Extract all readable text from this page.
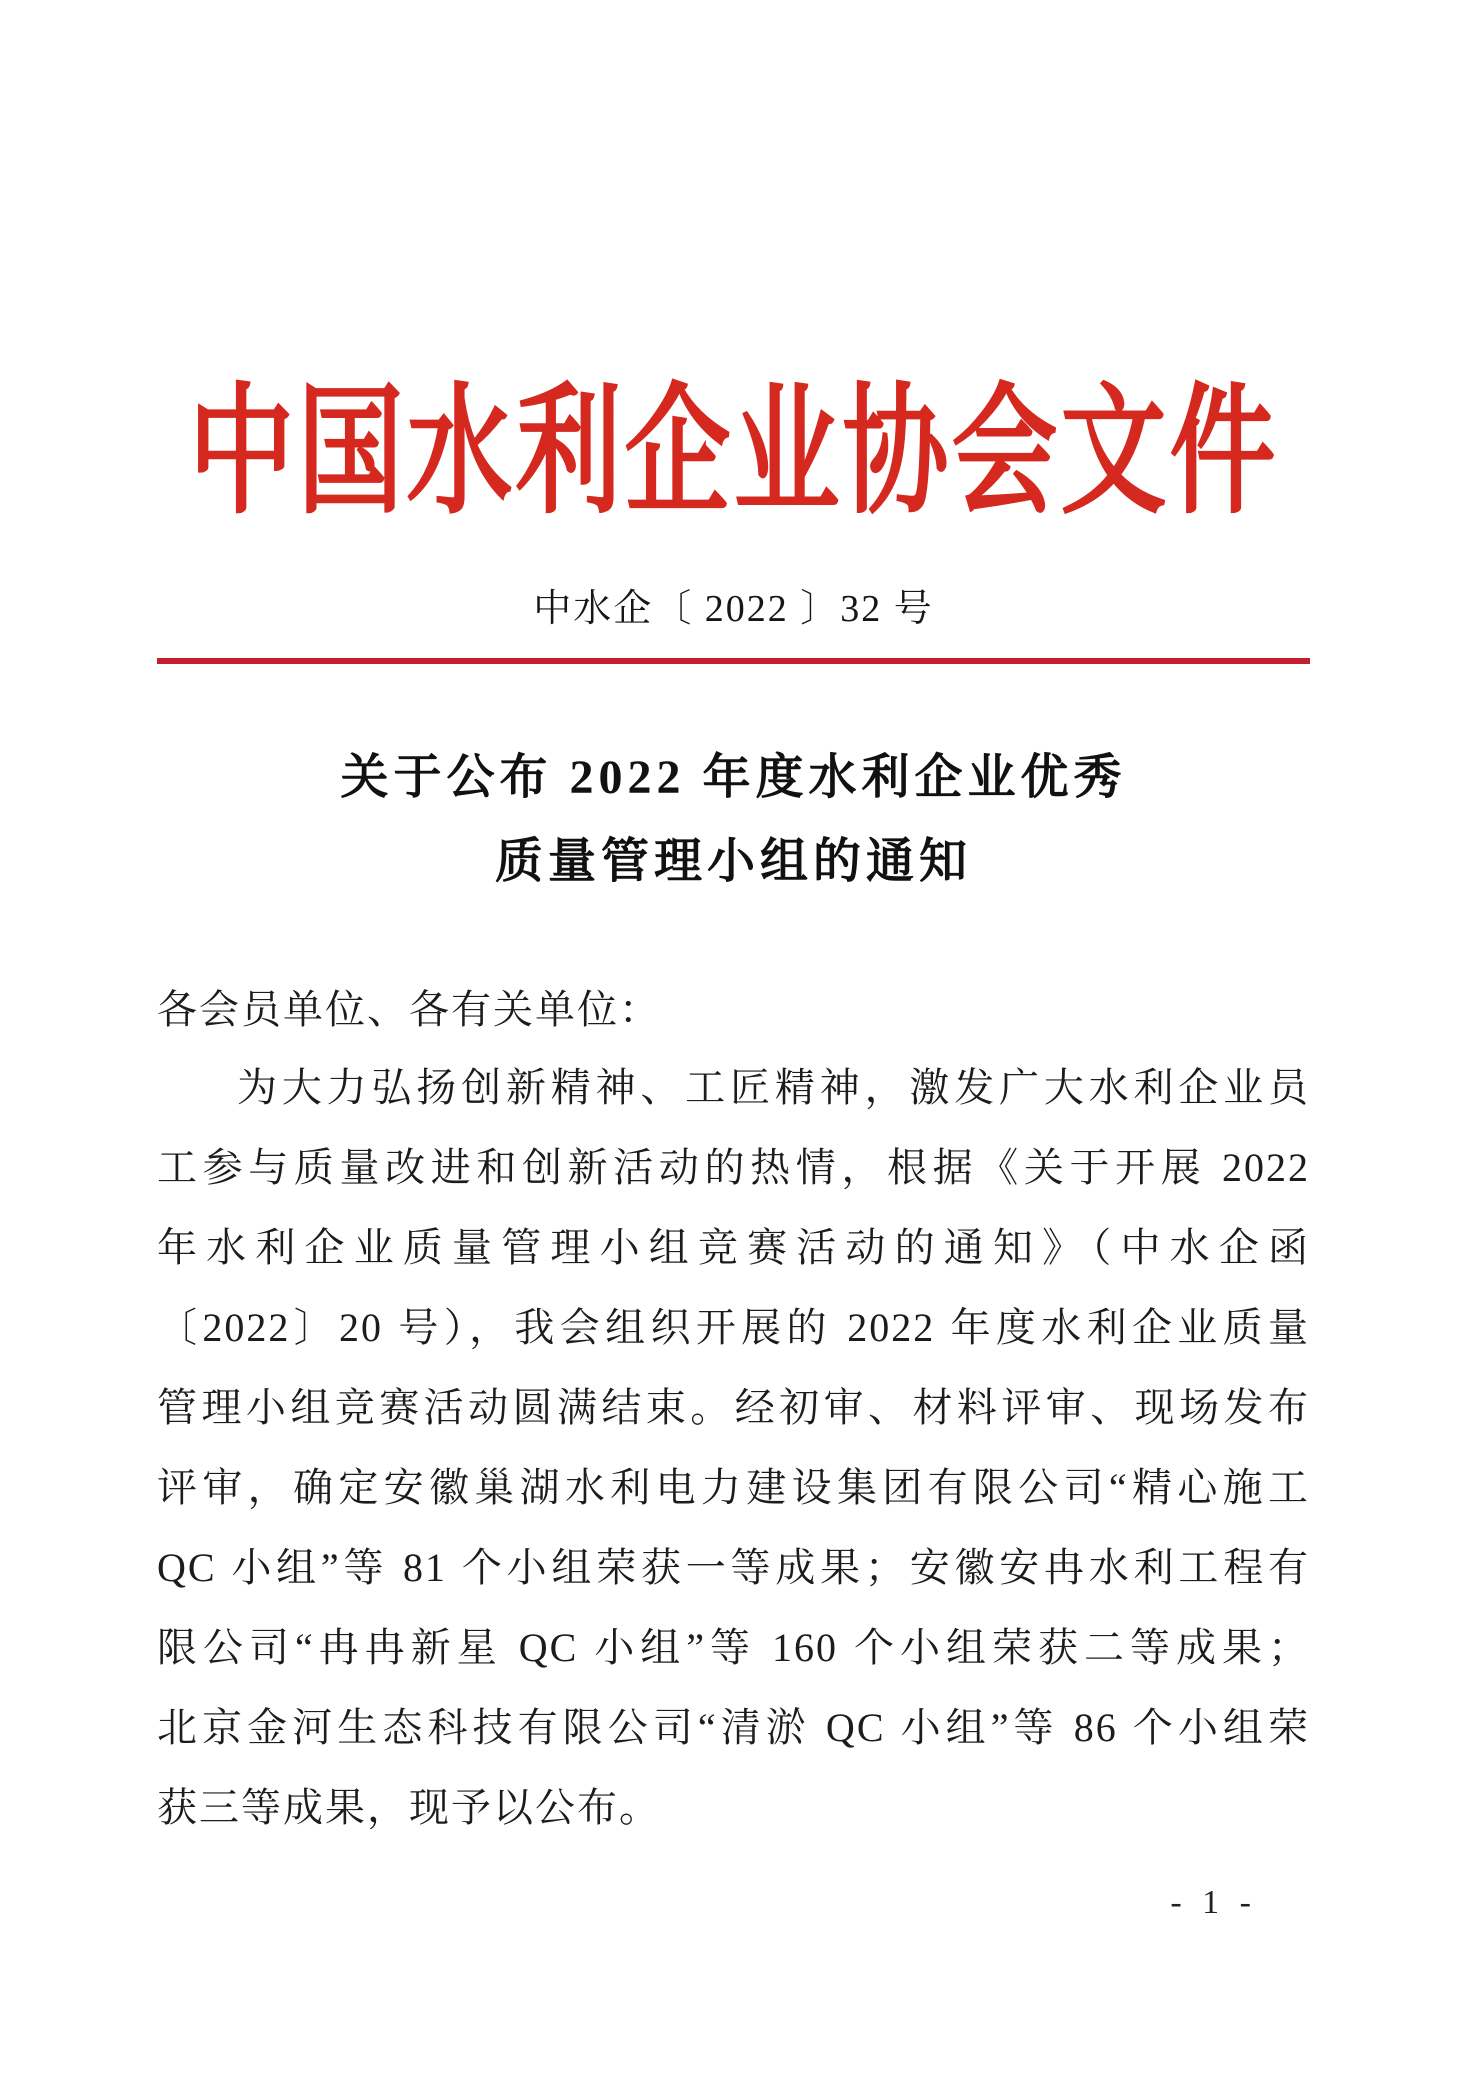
中国水利企业协会文件
中水企〔 2022 〕32 号
关于公布 2022 年度水利企业优秀
质量管理小组的通知
各会员单位、各有关单位：
为大力弘扬创新精神、工匠精神，激发广大水利企业员
工参与质量改进和创新活动的热情，根据《关于开展 2022
年水利企业质量管理小组竞赛活动的通知》（中水企函
〔2022〕20 号），我会组织开展的 2022 年度水利企业质量
管理小组竞赛活动圆满结束。经初审、材料评审、现场发布
评审，确定安徽巢湖水利电力建设集团有限公司“精心施工
QC 小组”等 81 个小组荣获一等成果；安徽安冉水利工程有
限公司“冉冉新星 QC 小组”等 160 个小组荣获二等成果；
北京金河生态科技有限公司“清淤 QC 小组”等 86 个小组荣
获三等成果，现予以公布。
- 1 -
